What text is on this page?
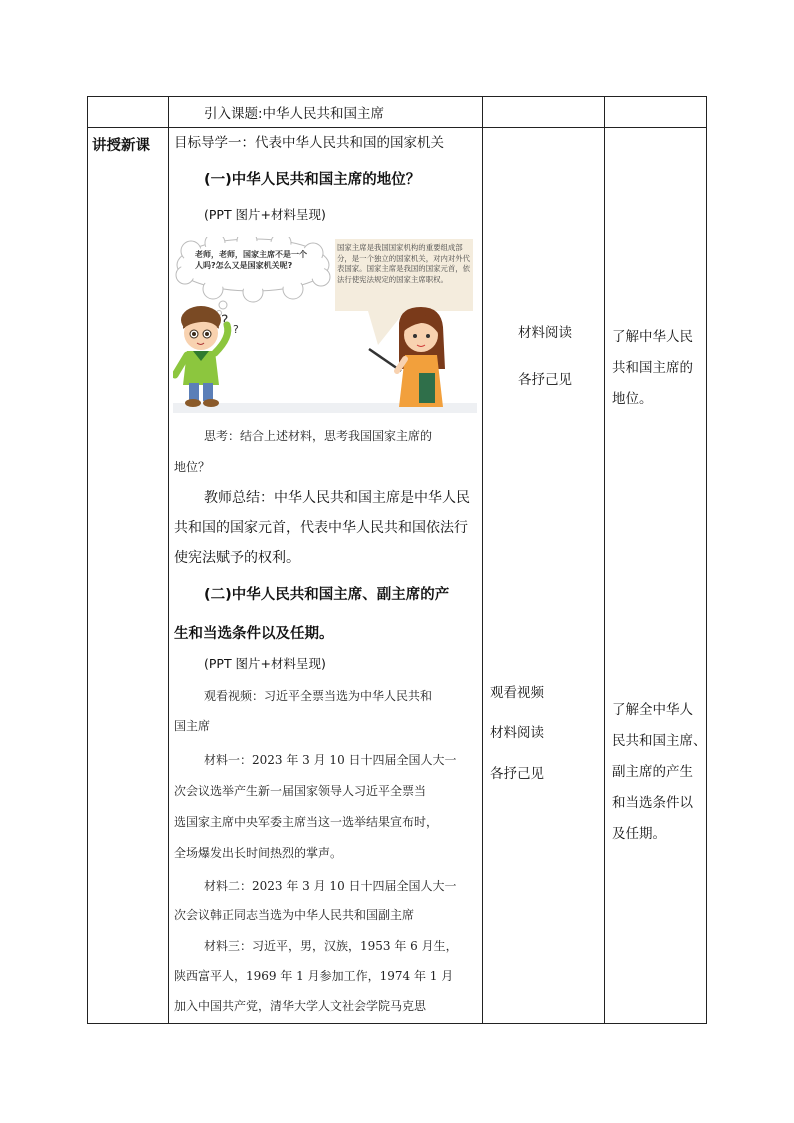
引入课题:中华人民共和国主席
讲授新课 目标导学一：代表中华人民共和国的国家机关
(一)中华人民共和国主席的地位？
(PPT 图片+材料呈现)
老师，老师，国家主席不是一个人吗?怎么又是国家机关呢?
国家主席是我国国家机构的重要组成部分，是一个独立的国家机关，对内对外代表国家。国家主席是我国的国家元首，依法行使宪法规定的国家主席职权。
?
?
思考：结合上述材料，思考我国国家主席的
地位？
教师总结：中华人民共和国主席是中华人民
共和国的国家元首，代表中华人民共和国依法行
使宪法赋予的权利。
(二)中华人民共和国主席、副主席的产
生和当选条件以及任期。
(PPT 图片+材料呈现)
观看视频：习近平全票当选为中华人民共和
国主席
材料一：2023 年 3 月 10 日十四届全国人大一
次会议选举产生新一届国家领导人习近平全票当
选国家主席中央军委主席当这一选举结果宣布时，
全场爆发出长时间热烈的掌声。
材料二：2023 年 3 月 10 日十四届全国人大一
次会议韩正同志当选为中华人民共和国副主席
材料三：习近平，男，汉族，1953 年 6 月生，
陕西富平人，1969 年 1 月参加工作，1974 年 1 月
加入中国共产党，清华大学人文社会学院马克思
材料阅读
各抒己见
观看视频
材料阅读
各抒己见

了解中华人民

共和国主席的

地位。

了解全中华人

民共和国主席、

副主席的产生

和当选条件以

及任期。
